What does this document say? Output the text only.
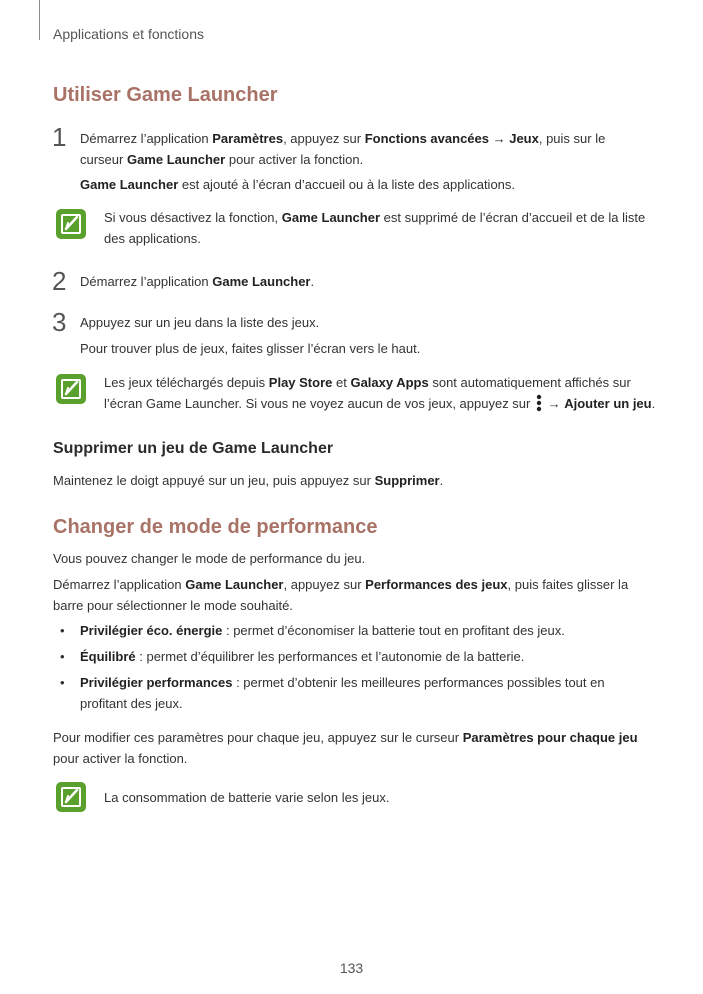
Applications et fonctions
Utiliser Game Launcher
1 Démarrez l’application Paramètres, appuyez sur Fonctions avancées → Jeux, puis sur le
curseur Game Launcher pour activer la fonction.
Game Launcher est ajouté à l’écran d’accueil ou à la liste des applications.
Si vous désactivez la fonction, Game Launcher est supprimé de l’écran d’accueil et de la liste
des applications.
2 Démarrez l’application Game Launcher.
3 Appuyez sur un jeu dans la liste des jeux.
Pour trouver plus de jeux, faites glisser l’écran vers le haut.
Les jeux téléchargés depuis Play Store et Galaxy Apps sont automatiquement affichés sur
l’écran Game Launcher. Si vous ne voyez aucun de vos jeux, appuyez sur  → Ajouter un jeu.
Supprimer un jeu de Game Launcher
Maintenez le doigt appuyé sur un jeu, puis appuyez sur Supprimer.
Changer de mode de performance
Vous pouvez changer le mode de performance du jeu.
Démarrez l’application Game Launcher, appuyez sur Performances des jeux, puis faites glisser la
barre pour sélectionner le mode souhaité.
• Privilégier éco. énergie : permet d’économiser la batterie tout en profitant des jeux.
• Équilibré : permet d’équilibrer les performances et l’autonomie de la batterie.
• Privilégier performances : permet d’obtenir les meilleures performances possibles tout en
profitant des jeux.
Pour modifier ces paramètres pour chaque jeu, appuyez sur le curseur Paramètres pour chaque jeu
pour activer la fonction.
La consommation de batterie varie selon les jeux.
133
